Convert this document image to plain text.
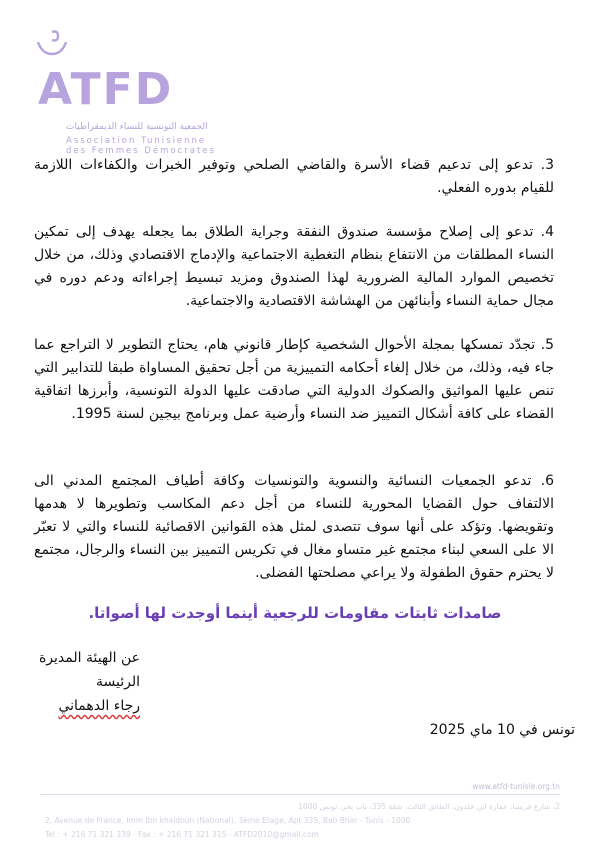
ATFD
الجمعية التونسية للنساء الديمقراطيات
Association Tunisienne
des Femmes Démocrates
3. تدعو إلى تدعيم قضاء الأسرة والقاضي الصلحي وتوفير الخبرات والكفاءات اللازمة للقيام بدوره الفعلي.
4. تدعو إلى إصلاح مؤسسة صندوق النفقة وجراية الطلاق بما يجعله يهدف إلى تمكين النساء المطلقات من الانتفاع بنظام التغطية الاجتماعية والإدماج الاقتصادي وذلك، من خلال تخصيص الموارد المالية الضرورية لهذا الصندوق ومزيد تبسيط إجراءاته ودعم دوره في مجال حماية النساء وأبنائهن من الهشاشة الاقتصادية والاجتماعية.
5. تجدّد تمسكها بمجلة الأحوال الشخصية كإطار قانوني هام، يحتاج التطوير لا التراجع عما جاء فيه، وذلك، من خلال إلغاء أحكامه التمييزية من أجل تحقيق المساواة طبقا للتدابير التي تنص عليها المواثيق والصكوك الدولية التي صادقت عليها الدولة التونسية، وأبرزها اتفاقية القضاء على كافة أشكال التمييز ضد النساء وأرضية عمل وبرنامج بيجين لسنة 1995.
6. تدعو الجمعيات النسائية والنسوية والتونسيات وكافة أطياف المجتمع المدني الى الالتفاف حول القضايا المحورية للنساء من أجل دعم المكاسب وتطويرها لا هدمها وتقويضها. وتؤكد على أنها سوف تتصدى لمثل هذه القوانين الاقصائية للنساء والتي لا تعبّر الا على السعي لبناء مجتمع غير متساو مغال في تكريس التمييز بين النساء والرجال، مجتمع لا يحترم حقوق الطفولة ولا يراعي مصلحتها الفضلى.
صامدات ثابتات مقاومات للرجعية أينما أوجدت لها أصواتا.
عن الهيئة المديرة
الرئيسة
رجاء الدهماني
تونس في 10 ماي 2025
www.atfd-tunisie.org.tn
2، شارع فرنسا، عمارة ابن خلدون، الطابق الثالث، شقة 335، باب بحر، تونس 1000
2, Avenue de France, Imm Ibn khaldoun (National), 3ème Etage, Apt 335, Bab Bhar - Tunis - 1000
Tel : + 216 71 321 339 - Fax : + 216 71 321 315 - ATFD2010@gmail.com
